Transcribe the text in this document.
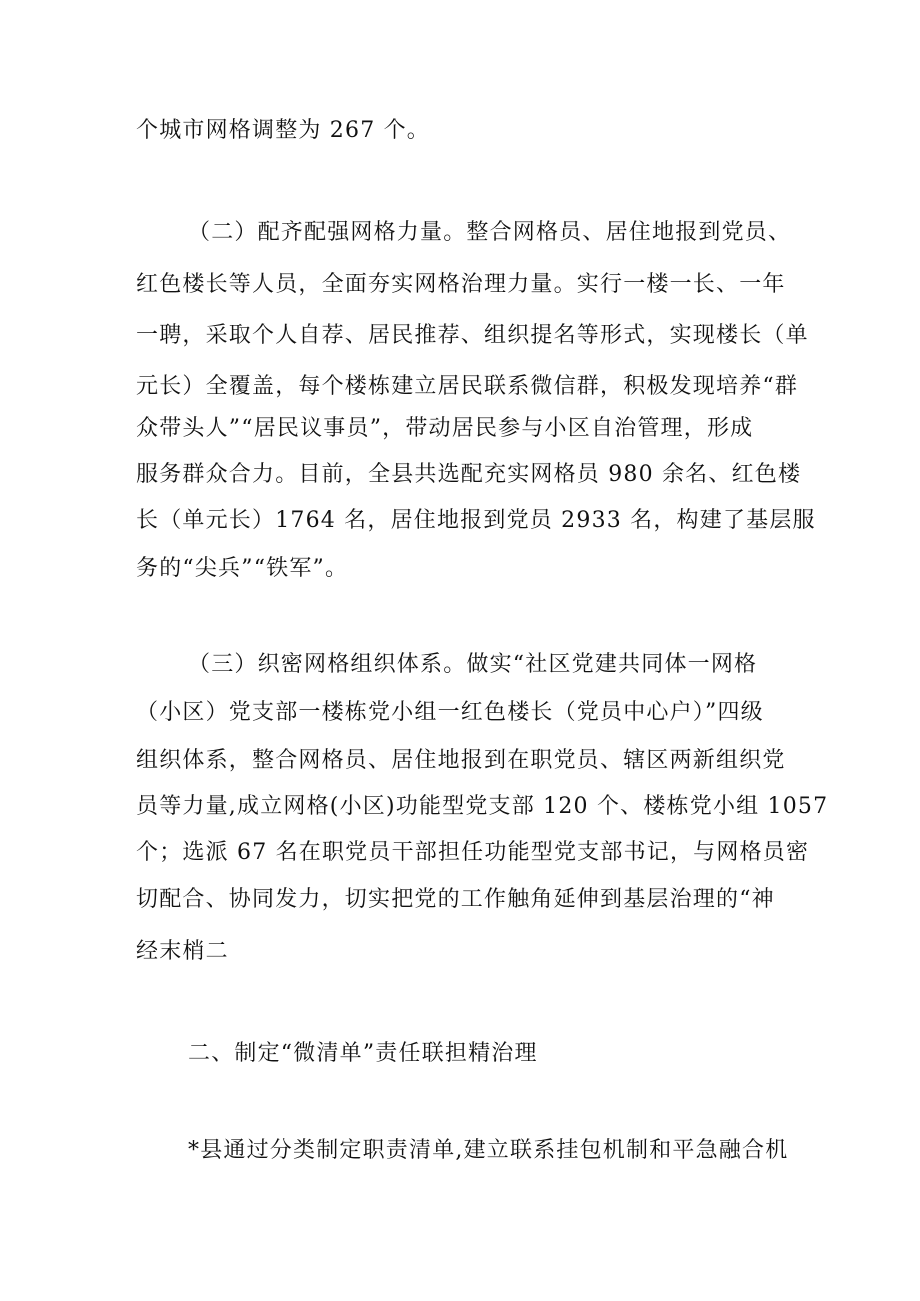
个城市网格调整为 267 个。
（二）配齐配强网格力量。整合网格员、居住地报到党员、
红色楼长等人员，全面夯实网格治理力量。实行一楼一长、一年
一聘，采取个人自荐、居民推荐、组织提名等形式，实现楼长（单
元长）全覆盖，每个楼栋建立居民联系微信群，积极发现培养“群
众带头人”“居民议事员”，带动居民参与小区自治管理，形成
服务群众合力。目前，全县共选配充实网格员 980 余名、红色楼
长（单元长）1764 名，居住地报到党员 2933 名，构建了基层服
务的“尖兵”“铁军”。
（三）织密网格组织体系。做实“社区党建共同体一网格
（小区）党支部一楼栋党小组一红色楼长（党员中心户）”四级
组织体系，整合网格员、居住地报到在职党员、辖区两新组织党
员等力量,成立网格(小区)功能型党支部 120 个、楼栋党小组 1057
个；选派 67 名在职党员干部担任功能型党支部书记，与网格员密
切配合、协同发力，切实把党的工作触角延伸到基层治理的“神
经末梢二
二、制定“微清单”责任联担精治理
*县通过分类制定职责清单,建立联系挂包机制和平急融合机
